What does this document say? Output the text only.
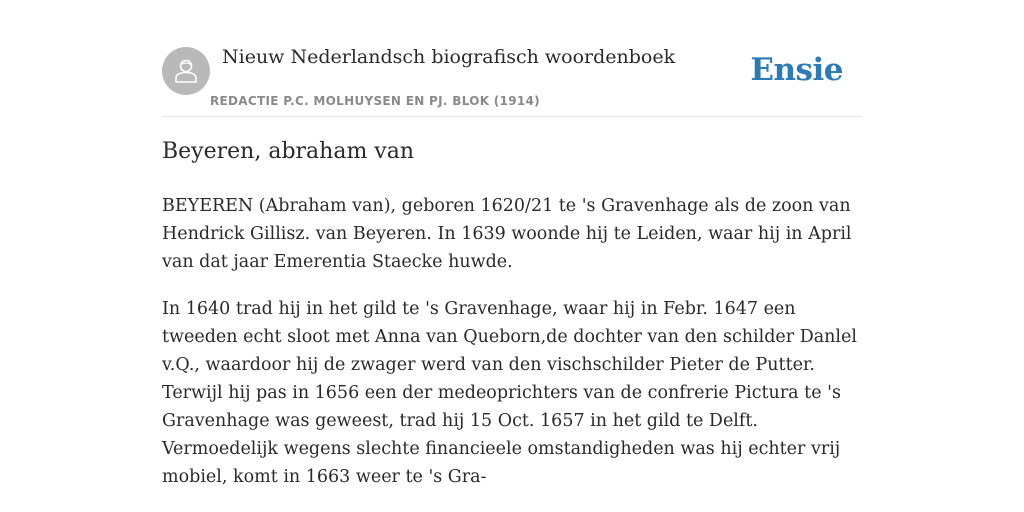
Nieuw Nederlandsch biografisch woordenboek
REDACTIE P.C. MOLHUYSEN EN PJ. BLOK (1914)
Ensie
Beyeren, abraham van

BEYEREN (Abraham van), geboren 1620/21 te 's Gravenhage als de zoon van Hendrick Gillisz. van Beyeren. In 1639 woonde hij te Leiden, waar hij in April van dat jaar Emerentia Staecke huwde.

In 1640 trad hij in het gild te 's Gravenhage, waar hij in Febr. 1647 een tweeden echt sloot met Anna van Queborn,de dochter van den schilder Danlel v.Q., waardoor hij de zwager werd van den vischschilder Pieter de Putter. Terwijl hij pas in 1656 een der medeoprichters van de confrerie Pictura te 's Gravenhage was geweest, trad hij 15 Oct. 1657 in het gild te Delft. Vermoedelijk wegens slechte financieele omstandigheden was hij echter vrij mobiel, komt in 1663 weer te 's Gra-
